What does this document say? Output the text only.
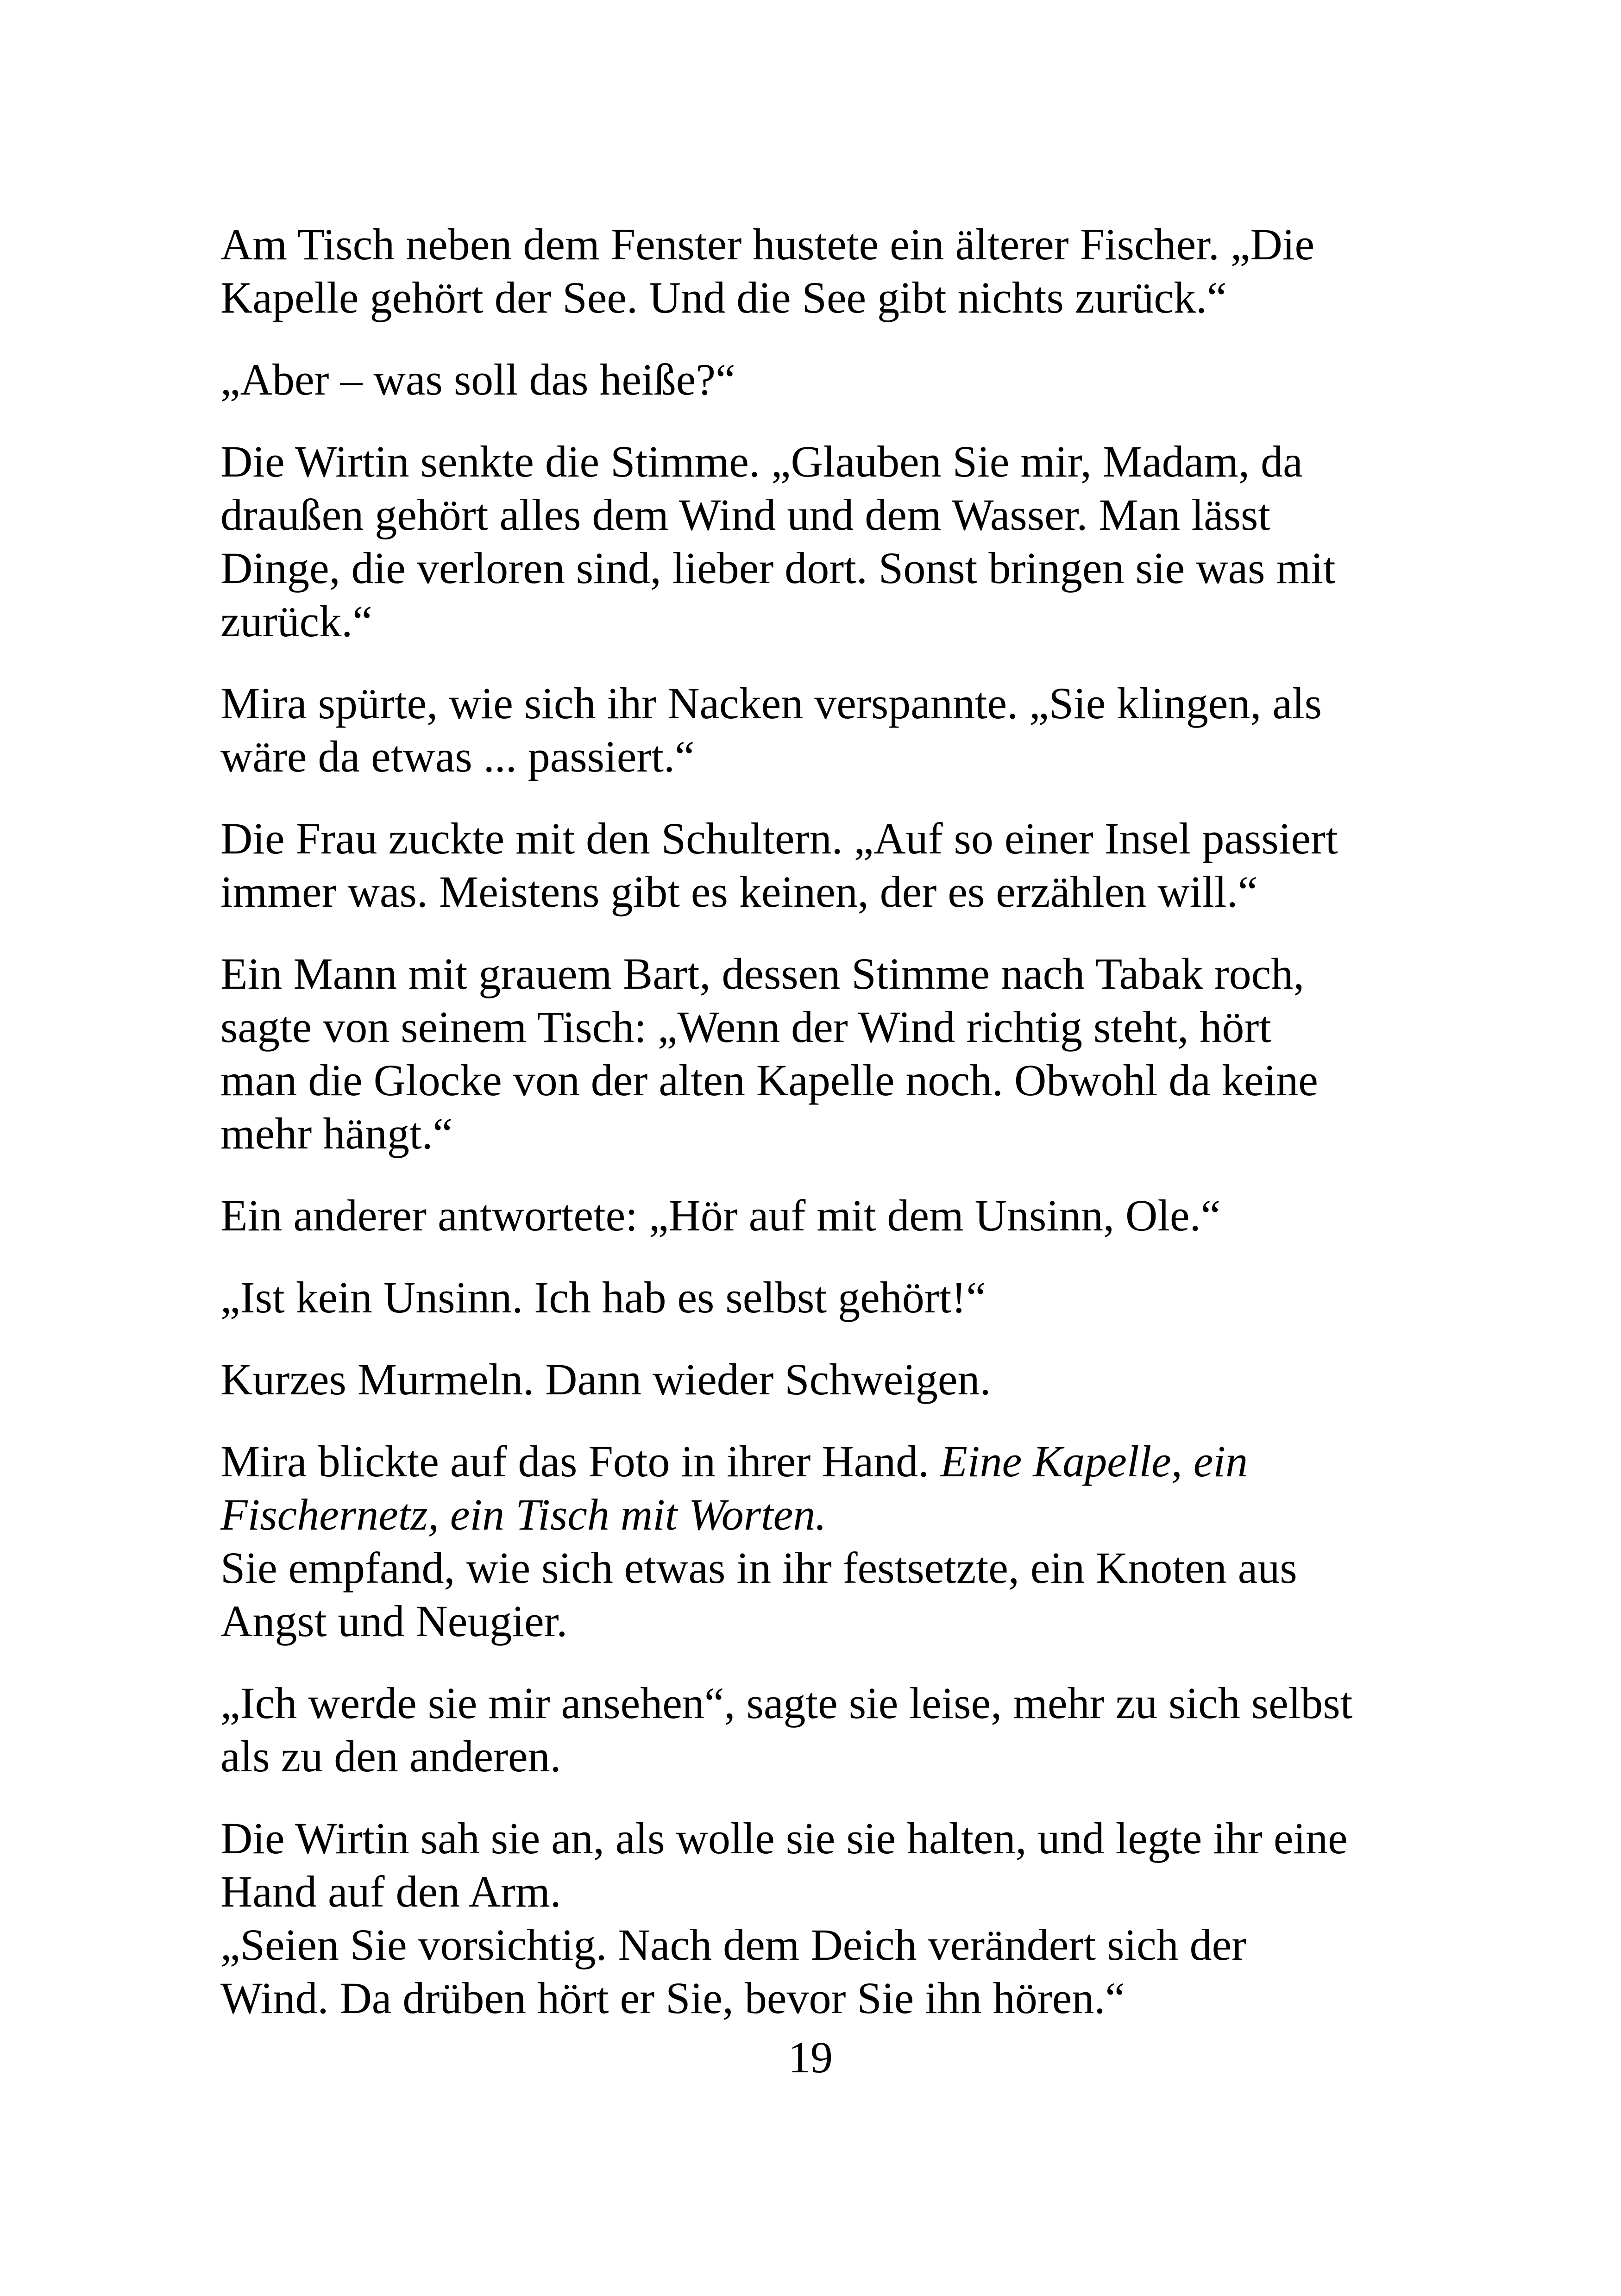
Am Tisch neben dem Fenster hustete ein älterer Fischer. „Die
Kapelle gehört der See. Und die See gibt nichts zurück.“

„Aber – was soll das heiße?“

Die Wirtin senkte die Stimme. „Glauben Sie mir, Madam, da
draußen gehört alles dem Wind und dem Wasser. Man lässt
Dinge, die verloren sind, lieber dort. Sonst bringen sie was mit
zurück.“

Mira spürte, wie sich ihr Nacken verspannte. „Sie klingen, als
wäre da etwas ... passiert.“

Die Frau zuckte mit den Schultern. „Auf so einer Insel passiert
immer was. Meistens gibt es keinen, der es erzählen will.“

Ein Mann mit grauem Bart, dessen Stimme nach Tabak roch,
sagte von seinem Tisch: „Wenn der Wind richtig steht, hört
man die Glocke von der alten Kapelle noch. Obwohl da keine
mehr hängt.“

Ein anderer antwortete: „Hör auf mit dem Unsinn, Ole.“

„Ist kein Unsinn. Ich hab es selbst gehört!“

Kurzes Murmeln. Dann wieder Schweigen.

Mira blickte auf das Foto in ihrer Hand. Eine Kapelle, ein
Fischernetz, ein Tisch mit Worten.

Sie empfand, wie sich etwas in ihr festsetzte, ein Knoten aus
Angst und Neugier.

„Ich werde sie mir ansehen“, sagte sie leise, mehr zu sich selbst
als zu den anderen.

Die Wirtin sah sie an, als wolle sie sie halten, und legte ihr eine
Hand auf den Arm.

„Seien Sie vorsichtig. Nach dem Deich verändert sich der
Wind. Da drüben hört er Sie, bevor Sie ihn hören.“

19
